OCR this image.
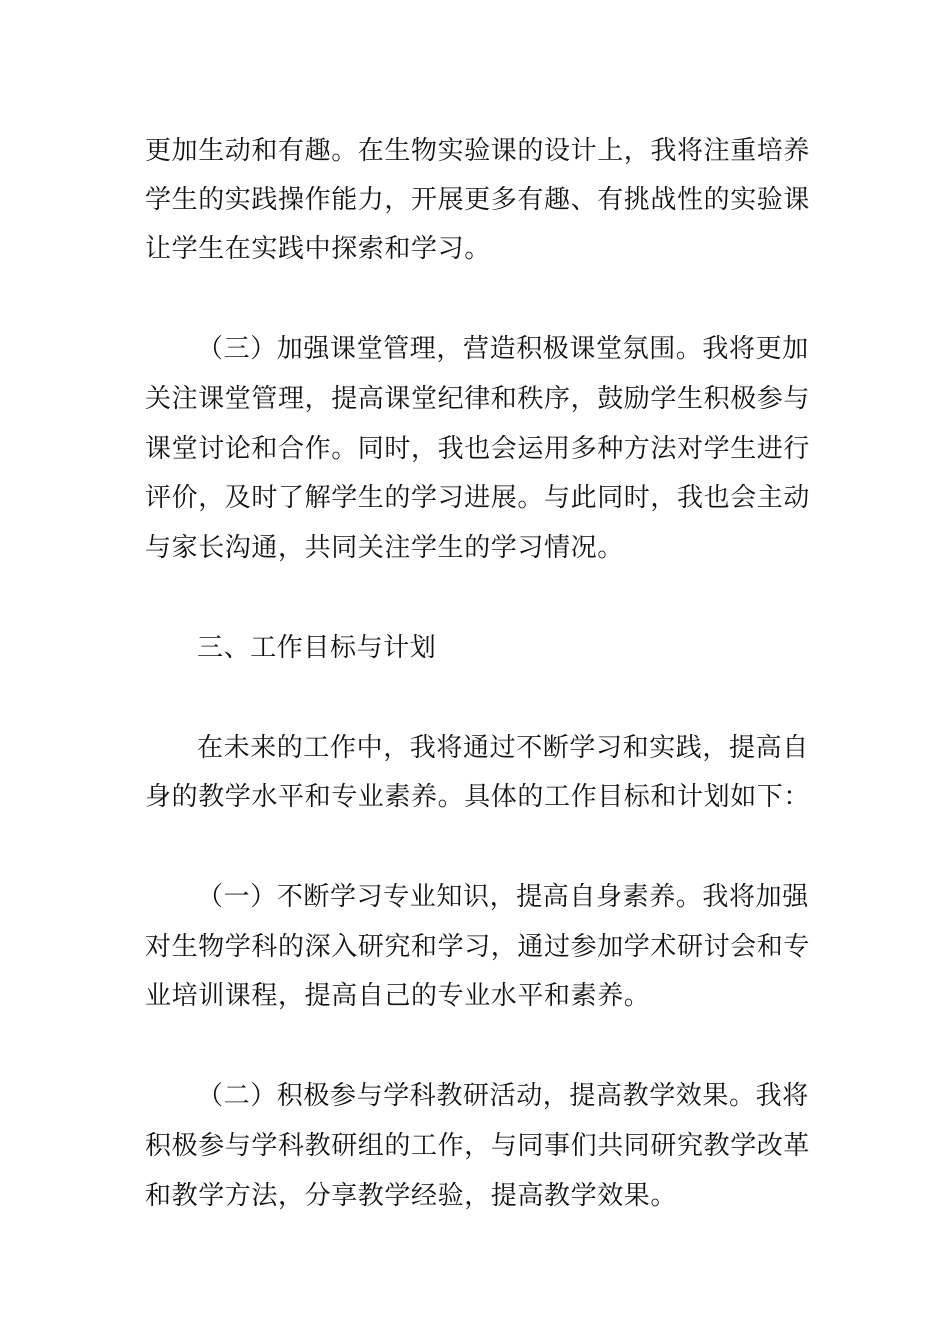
更加生动和有趣。在生物实验课的设计上，我将注重培养
学生的实践操作能力，开展更多有趣、有挑战性的实验课
让学生在实践中探索和学习。
（三）加强课堂管理，营造积极课堂氛围。我将更加
关注课堂管理，提高课堂纪律和秩序，鼓励学生积极参与
课堂讨论和合作。同时，我也会运用多种方法对学生进行
评价，及时了解学生的学习进展。与此同时，我也会主动
与家长沟通，共同关注学生的学习情况。
三、工作目标与计划
在未来的工作中，我将通过不断学习和实践，提高自
身的教学水平和专业素养。具体的工作目标和计划如下：
（一）不断学习专业知识，提高自身素养。我将加强
对生物学科的深入研究和学习，通过参加学术研讨会和专
业培训课程，提高自己的专业水平和素养。
（二）积极参与学科教研活动，提高教学效果。我将
积极参与学科教研组的工作，与同事们共同研究教学改革
和教学方法，分享教学经验，提高教学效果。
